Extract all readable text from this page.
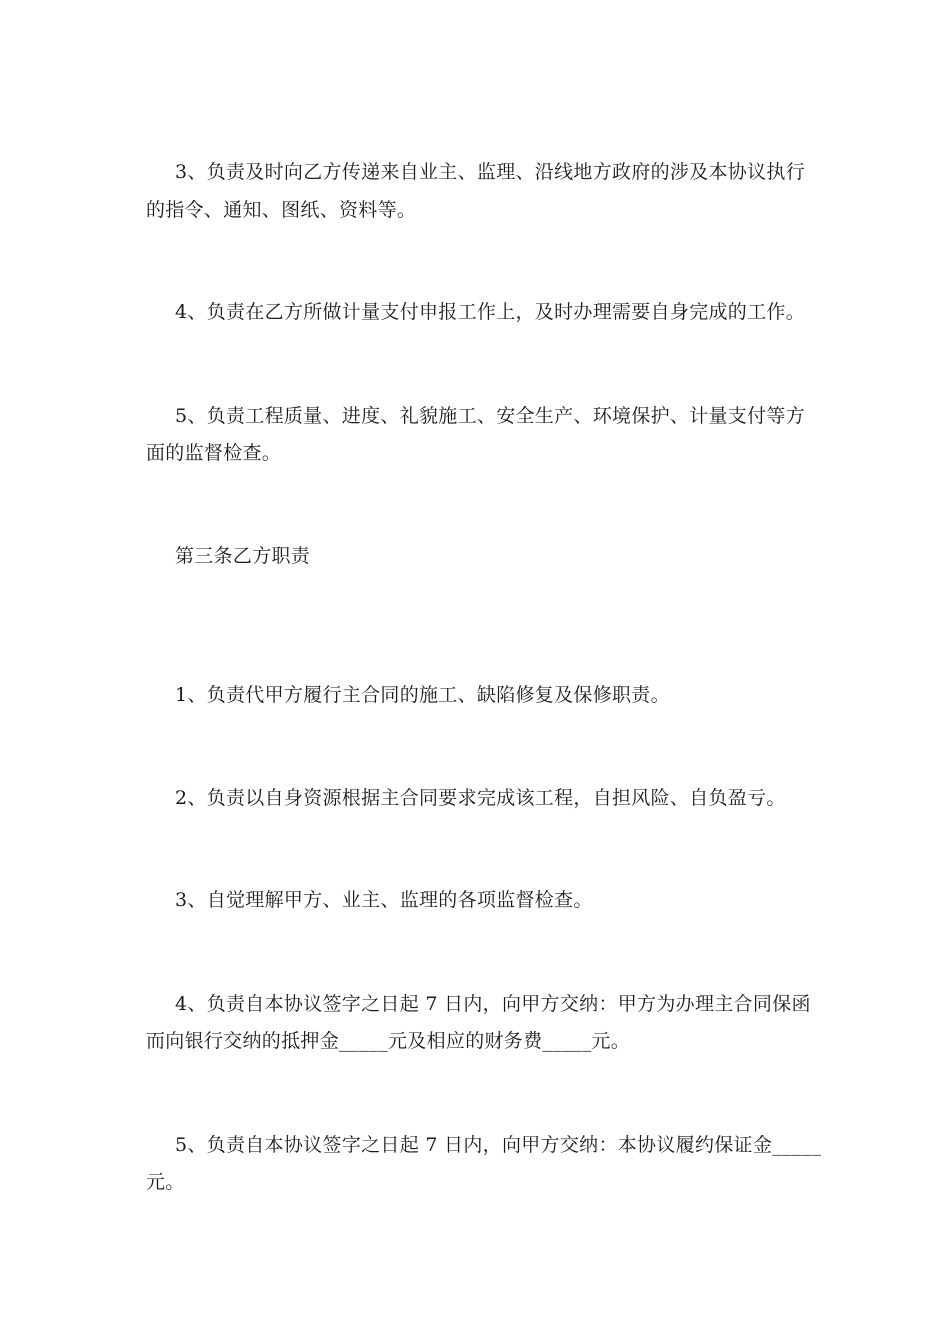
3、负责及时向乙方传递来自业主、监理、沿线地方政府的涉及本协议执行
的指令、通知、图纸、资料等。
4、负责在乙方所做计量支付申报工作上，及时办理需要自身完成的工作。
5、负责工程质量、进度、礼貌施工、安全生产、环境保护、计量支付等方
面的监督检查。
第三条乙方职责
1、负责代甲方履行主合同的施工、缺陷修复及保修职责。
2、负责以自身资源根据主合同要求完成该工程，自担风险、自负盈亏。
3、自觉理解甲方、业主、监理的各项监督检查。
4、负责自本协议签字之日起 7 日内，向甲方交纳：甲方为办理主合同保函
而向银行交纳的抵押金_____元及相应的财务费_____元。
5、负责自本协议签字之日起 7 日内，向甲方交纳：本协议履约保证金_____
元。
